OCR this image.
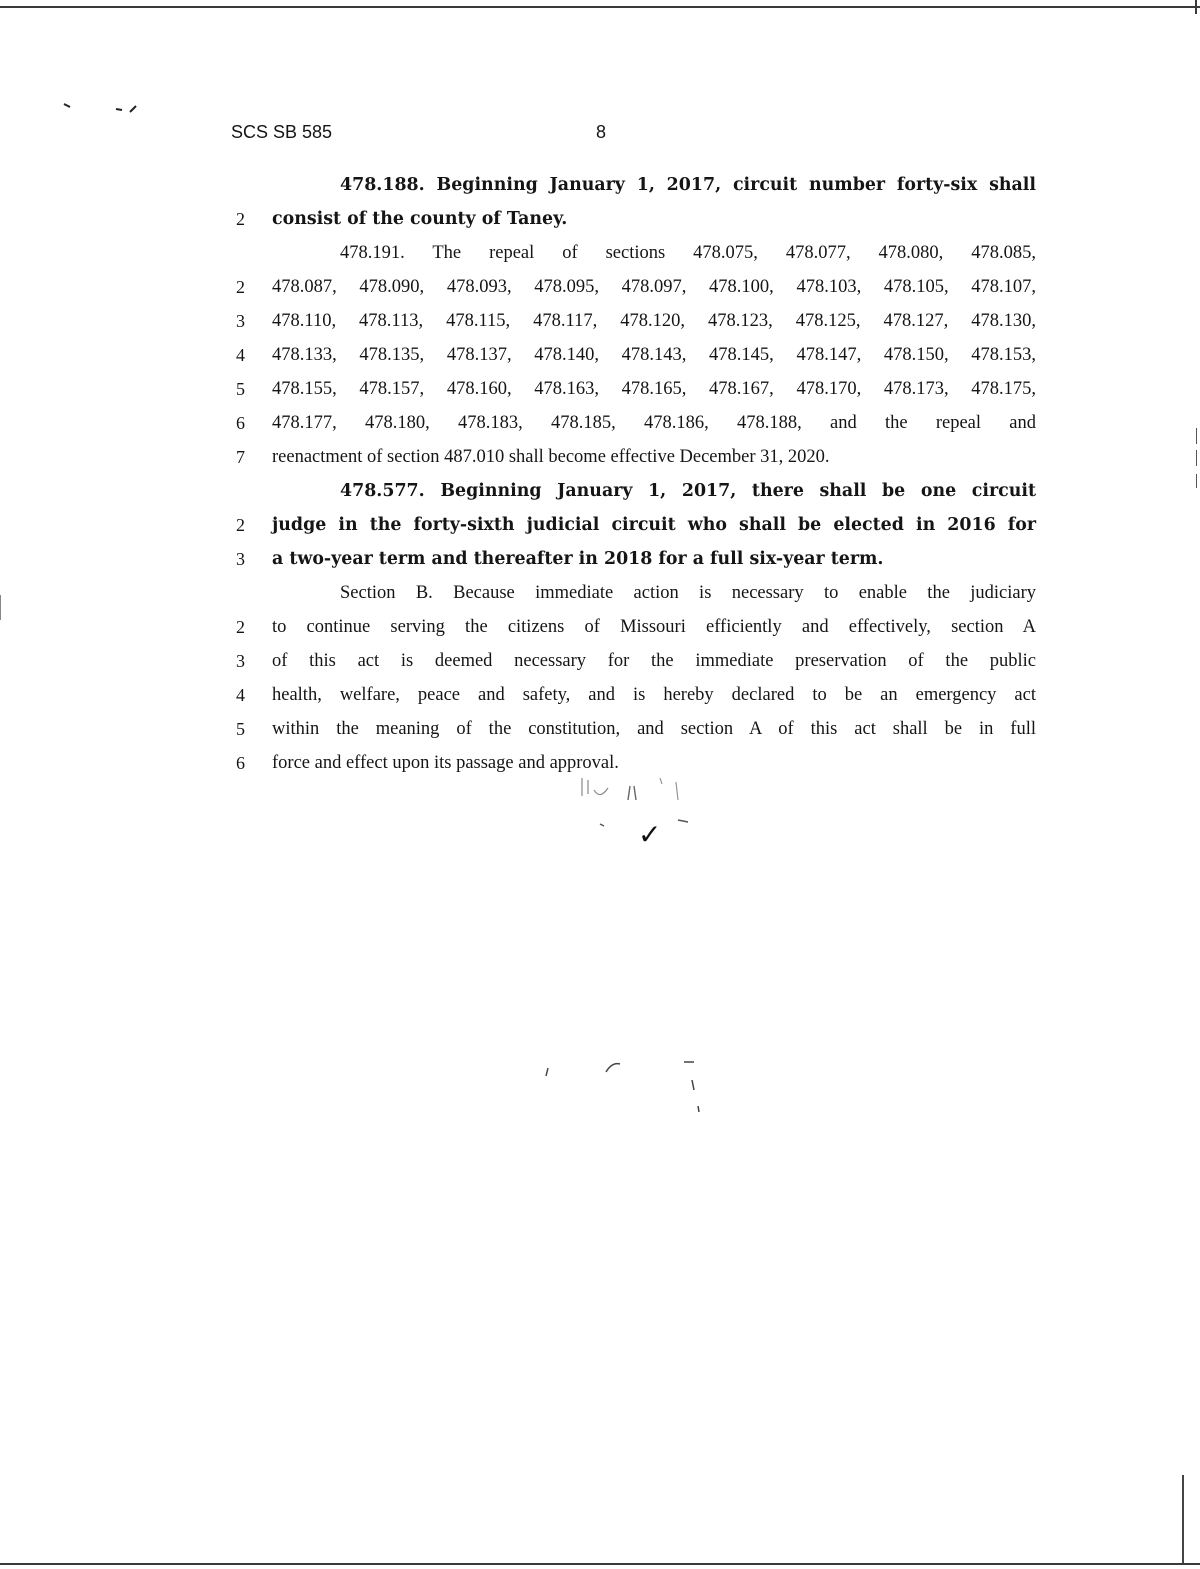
SCS SB 585	8
478.188. Beginning January 1, 2017, circuit number forty-six shall
2	consist of the county of Taney.
478.191. The repeal of sections 478.075, 478.077, 478.080, 478.085,
2	478.087, 478.090, 478.093, 478.095, 478.097, 478.100, 478.103, 478.105, 478.107,
3	478.110, 478.113, 478.115, 478.117, 478.120, 478.123, 478.125, 478.127, 478.130,
4	478.133, 478.135, 478.137, 478.140, 478.143, 478.145, 478.147, 478.150, 478.153,
5	478.155, 478.157, 478.160, 478.163, 478.165, 478.167, 478.170, 478.173, 478.175,
6	478.177, 478.180, 478.183, 478.185, 478.186, 478.188, and the repeal and
7	reenactment of section 487.010 shall become effective December 31, 2020.
478.577. Beginning January 1, 2017, there shall be one circuit
2	judge in the forty-sixth judicial circuit who shall be elected in 2016 for
3	a two-year term and thereafter in 2018 for a full six-year term.
Section B. Because immediate action is necessary to enable the judiciary
2	to continue serving the citizens of Missouri efficiently and effectively, section A
3	of this act is deemed necessary for the immediate preservation of the public
4	health, welfare, peace and safety, and is hereby declared to be an emergency act
5	within the meaning of the constitution, and section A of this act shall be in full
6	force and effect upon its passage and approval.
✓
